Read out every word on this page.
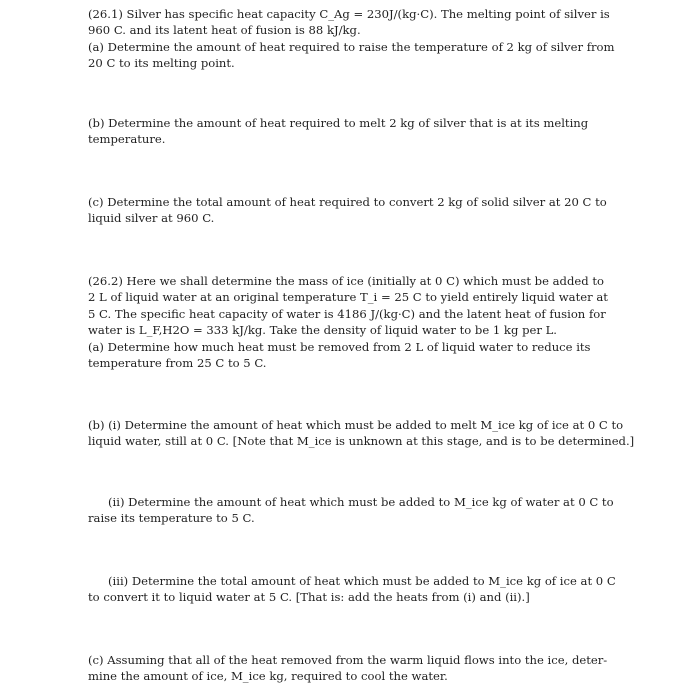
(26.1) Silver has specific heat capacity C_Ag = 230J/(kg·C). The melting point of silver is
960 C. and its latent heat of fusion is 88 kJ/kg.
(a) Determine the amount of heat required to raise the temperature of 2 kg of silver from
20 C to its melting point.
(b) Determine the amount of heat required to melt 2 kg of silver that is at its melting
temperature.
(c) Determine the total amount of heat required to convert 2 kg of solid silver at 20 C to
liquid silver at 960 C.
(26.2) Here we shall determine the mass of ice (initially at 0 C) which must be added to
2 L of liquid water at an original temperature T_i = 25 C to yield entirely liquid water at
5 C. The specific heat capacity of water is 4186 J/(kg·C) and the latent heat of fusion for
water is L_F,H2O = 333 kJ/kg. Take the density of liquid water to be 1 kg per L.
(a) Determine how much heat must be removed from 2 L of liquid water to reduce its
temperature from 25 C to 5 C.
(b) (i) Determine the amount of heat which must be added to melt M_ice kg of ice at 0 C to
liquid water, still at 0 C. [Note that M_ice is unknown at this stage, and is to be determined.]
(ii) Determine the amount of heat which must be added to M_ice kg of water at 0 C to
raise its temperature to 5 C.
(iii) Determine the total amount of heat which must be added to M_ice kg of ice at 0 C
to convert it to liquid water at 5 C. [That is: add the heats from (i) and (ii).]
(c) Assuming that all of the heat removed from the warm liquid flows into the ice, deter-
mine the amount of ice, M_ice kg, required to cool the water.
